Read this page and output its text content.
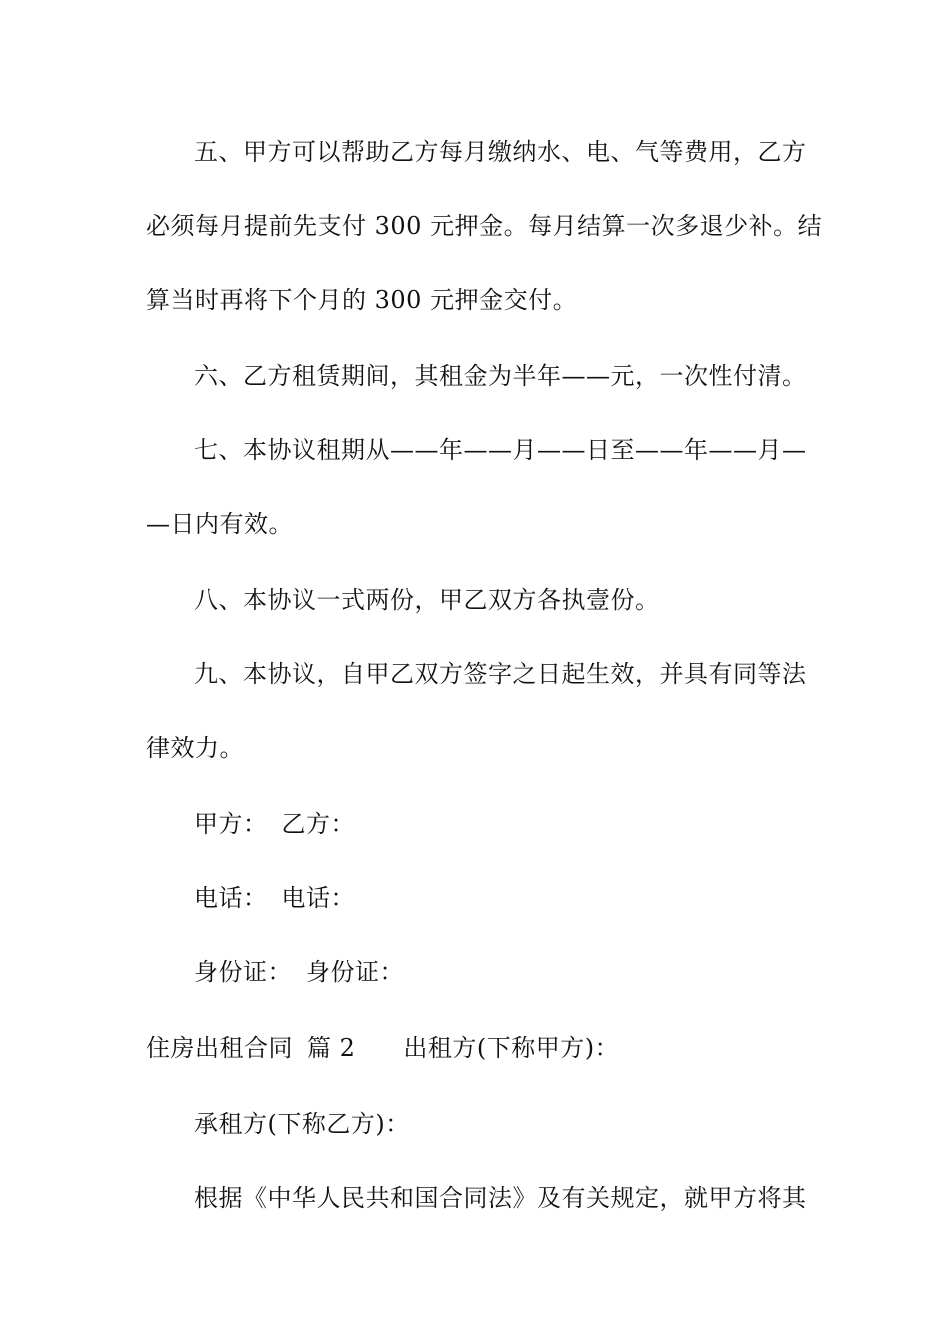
五、甲方可以帮助乙方每月缴纳水、电、气等费用，乙方
必须每月提前先支付 300 元押金。每月结算一次多退少补。结
算当时再将下个月的 300 元押金交付。
六、乙方租赁期间，其租金为半年——元，一次性付清。
七、本协议租期从——年——月——日至——年——月—
—日内有效。
八、本协议一式两份，甲乙双方各执壹份。
九、本协议，自甲乙双方签字之日起生效，并具有同等法
律效力。
甲方： 乙方：
电话： 电话：
身份证： 身份证：
住房出租合同 篇 2 出租方(下称甲方)：
承租方(下称乙方)：
根据《中华人民共和国合同法》及有关规定，就甲方将其
